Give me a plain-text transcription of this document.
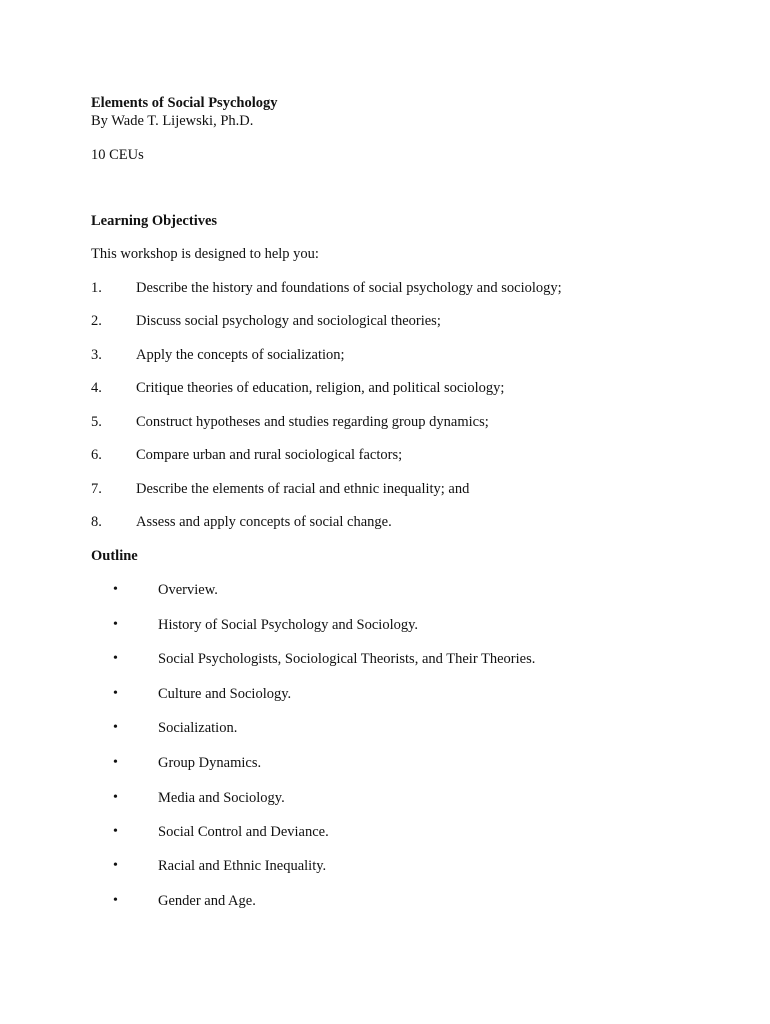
Elements of Social Psychology
By Wade T. Lijewski, Ph.D.
10 CEUs
Learning Objectives
This workshop is designed to help you:
1. Describe the history and foundations of social psychology and sociology;
2. Discuss social psychology and sociological theories;
3. Apply the concepts of socialization;
4. Critique theories of education, religion, and political sociology;
5. Construct hypotheses and studies regarding group dynamics;
6. Compare urban and rural sociological factors;
7. Describe the elements of racial and ethnic inequality; and
8. Assess and apply concepts of social change.
Outline
•	Overview.
•	History of Social Psychology and Sociology.
•	Social Psychologists, Sociological Theorists, and Their Theories.
•	Culture and Sociology.
•	Socialization.
•	Group Dynamics.
•	Media and Sociology.
•	Social Control and Deviance.
•	Racial and Ethnic Inequality.
•	Gender and Age.
